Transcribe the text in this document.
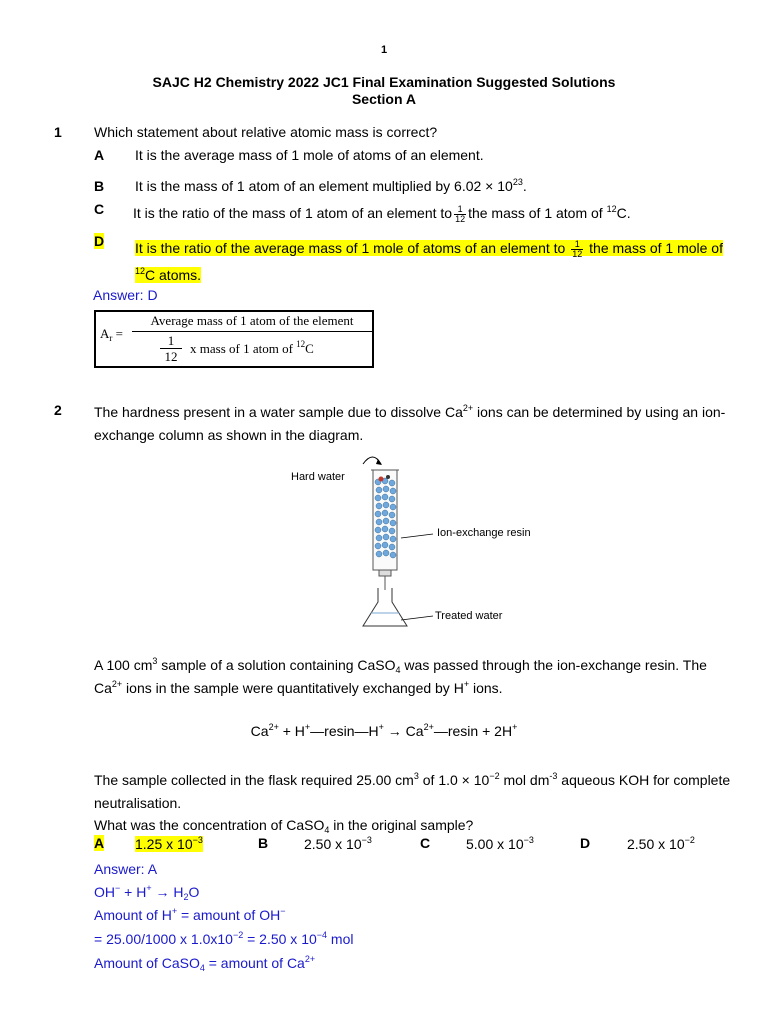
1
SAJC H2 Chemistry 2022 JC1 Final Examination Suggested Solutions
Section A
1 Which statement about relative atomic mass is correct?
A It is the average mass of 1 mole of atoms of an element.
B It is the mass of 1 atom of an element multiplied by $6.02 \times 10^{23}$.
C It is the ratio of the mass of 1 atom of an element to $\frac{1}{12}$ the mass of 1 atom of $^{12}$C.
D It is the ratio of the average mass of 1 mole of atoms of an element to $\frac{1}{12}$ the mass of 1 mole of $^{12}$C atoms.
Answer: D
$A_r$ =
Average mass of 1 atom of the element
$\frac{1}{12}$ x mass of 1 atom of $^{12}$C
2 The hardness present in a water sample due to dissolve $Ca^{2+}$ ions can be determined by using an ion-
exchange column as shown in the diagram.
Hard water
Ion-exchange resin
Treated water
A 100 $cm^3$ sample of a solution containing CaSO$_4$ was passed through the ion-exchange resin. The
$Ca^{2+}$ ions in the sample were quantitatively exchanged by H+ ions.
$Ca^{2+}$ + H+—resin—H+ → $Ca^{2+}—resin + 2H^+$
The sample collected in the flask required 25.00 $cm^3$ of $1.0 \times 10^{-2}$ mol $dm^{-3}$ aqueous KOH for complete
neutralisation.
What was the concentration of CaSO$_4$ in the original sample?
A 1.25 x $10^{-3}$	B	2.50 x $10^{-3}$	C	5.00 x $10^{-3}$	D	2.50 x $10^{-2}$
Answer: A
$OH^- + H^+ \to H_2O$
Amount of H+ = amount of OH−
= 25.00/1000 x $1.0x10^{-2} = 2.50$ x $10^{-4}$ mol
Amount of CaSO$_4$ = amount of $Ca^{2+}$
